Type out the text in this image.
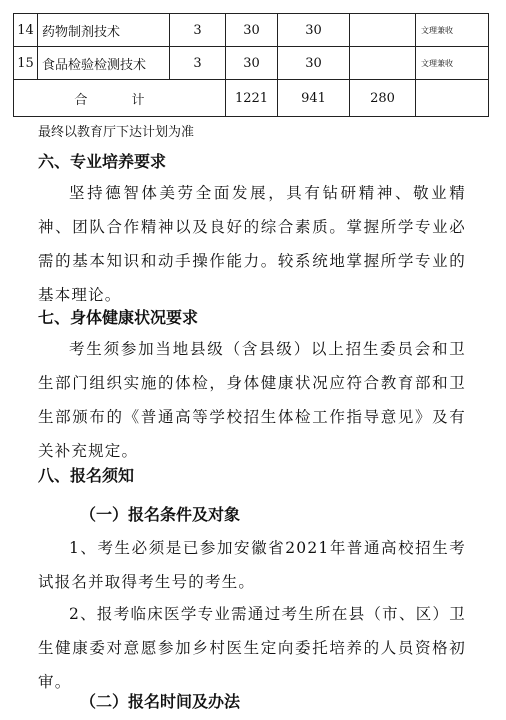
14	药物制剂技术	3	30	30		文理兼收
15	食品检验检测技术	3	30	30		文理兼收
合 计			1221	941	280	
最终以教育厅下达计划为准
六、专业培养要求

坚持德智体美劳全面发展，具有钻研精神、敬业精神、团队合作精神以及良好的综合素质。掌握所学专业必需的基本知识和动手操作能力。较系统地掌握所学专业的基本理论。

七、身体健康状况要求

考生须参加当地县级（含县级）以上招生委员会和卫生部门组织实施的体检，身体健康状况应符合教育部和卫生部颁布的《普通高等学校招生体检工作指导意见》及有关补充规定。

八、报名须知
（一）报名条件及对象

1、考生必须是已参加安徽省2021年普通高校招生考试报名并取得考生号的考生。

2、报考临床医学专业需通过考生所在县（市、区）卫生健康委对意愿参加乡村医生定向委托培养的人员资格初审。

（二）报名时间及办法
